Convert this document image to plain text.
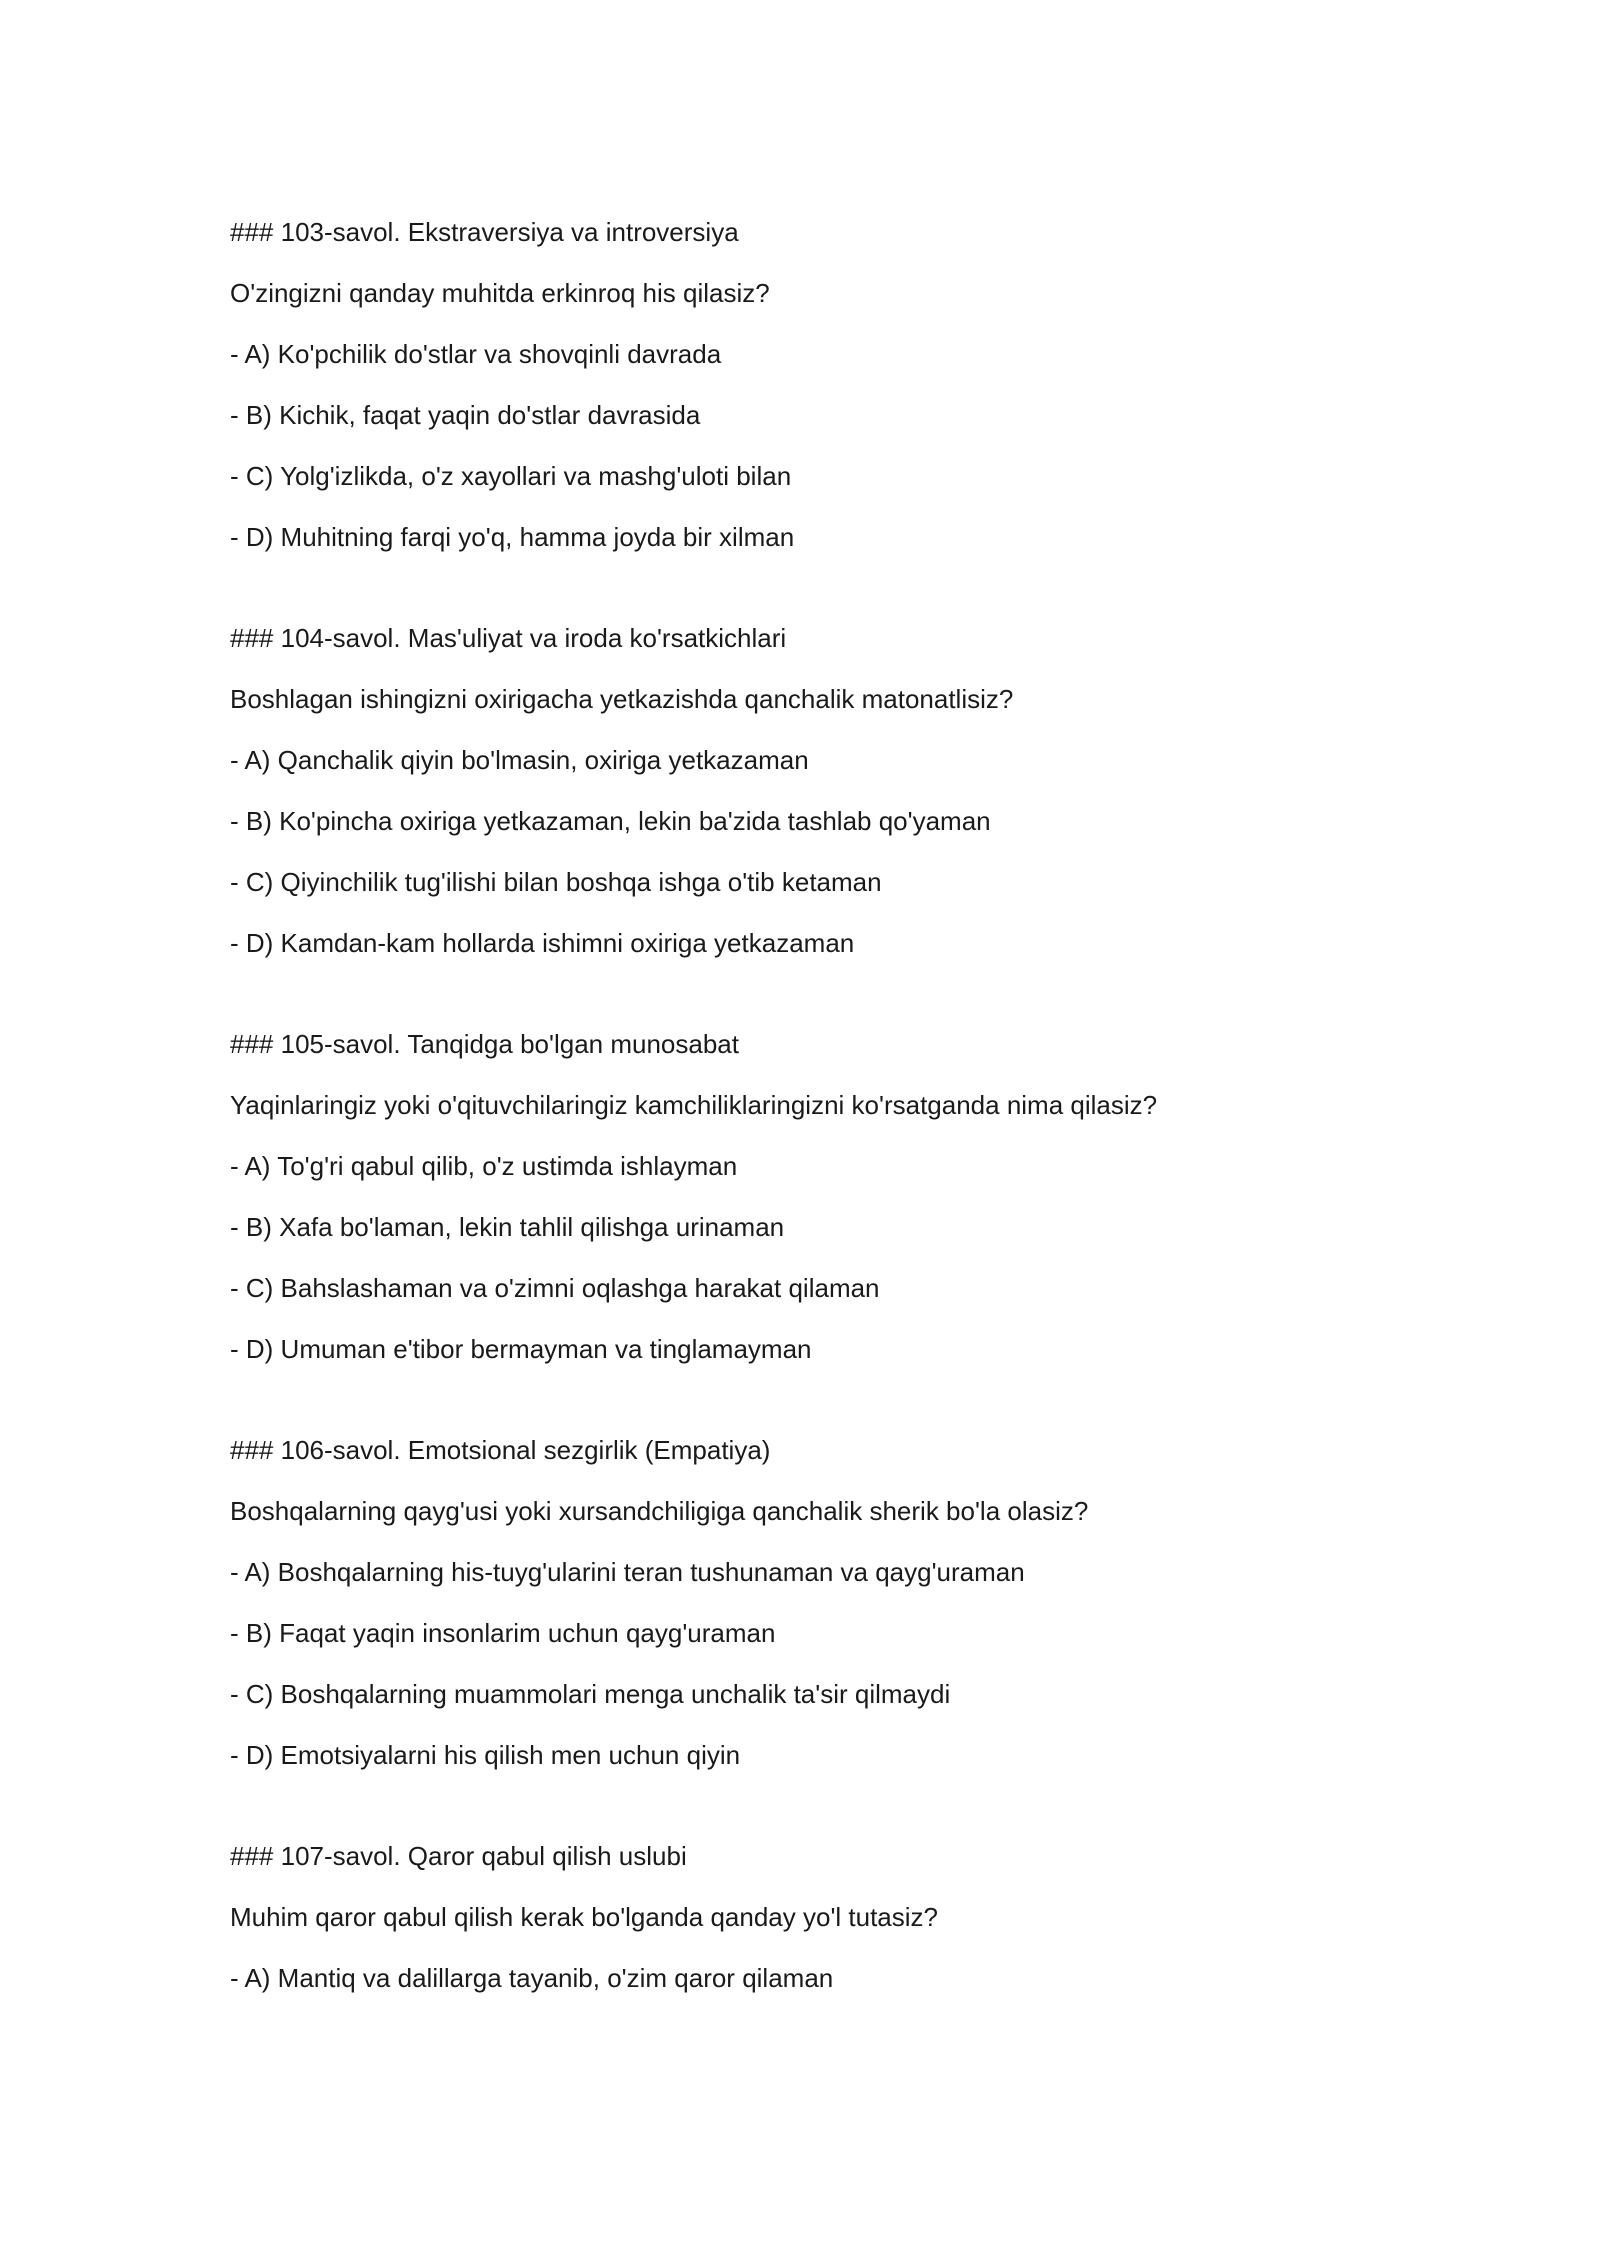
### 103-savol. Ekstraversiya va introversiya
O'zingizni qanday muhitda erkinroq his qilasiz?
- A) Ko'pchilik do'stlar va shovqinli davrada
- B) Kichik, faqat yaqin do'stlar davrasida
- C) Yolg'izlikda, o'z xayollari va mashg'uloti bilan
- D) Muhitning farqi yo'q, hamma joyda bir xilman
### 104-savol. Mas'uliyat va iroda ko'rsatkichlari
Boshlagan ishingizni oxirigacha yetkazishda qanchalik matonatlisiz?
- A) Qanchalik qiyin bo'lmasin, oxiriga yetkazaman
- B) Ko'pincha oxiriga yetkazaman, lekin ba'zida tashlab qo'yaman
- C) Qiyinchilik tug'ilishi bilan boshqa ishga o'tib ketaman
- D) Kamdan-kam hollarda ishimni oxiriga yetkazaman
### 105-savol. Tanqidga bo'lgan munosabat
Yaqinlaringiz yoki o'qituvchilaringiz kamchiliklaringizni ko'rsatganda nima qilasiz?
- A) To'g'ri qabul qilib, o'z ustimda ishlayman
- B) Xafa bo'laman, lekin tahlil qilishga urinaman
- C) Bahslashaman va o'zimni oqlashga harakat qilaman
- D) Umuman e'tibor bermayman va tinglamayman
### 106-savol. Emotsional sezgirlik (Empatiya)
Boshqalarning qayg'usi yoki xursandchiligiga qanchalik sherik bo'la olasiz?
- A) Boshqalarning his-tuyg'ularini teran tushunaman va qayg'uraman
- B) Faqat yaqin insonlarim uchun qayg'uraman
- C) Boshqalarning muammolari menga unchalik ta'sir qilmaydi
- D) Emotsiyalarni his qilish men uchun qiyin
### 107-savol. Qaror qabul qilish uslubi
Muhim qaror qabul qilish kerak bo'lganda qanday yo'l tutasiz?
- A) Mantiq va dalillarga tayanib, o'zim qaror qilaman
